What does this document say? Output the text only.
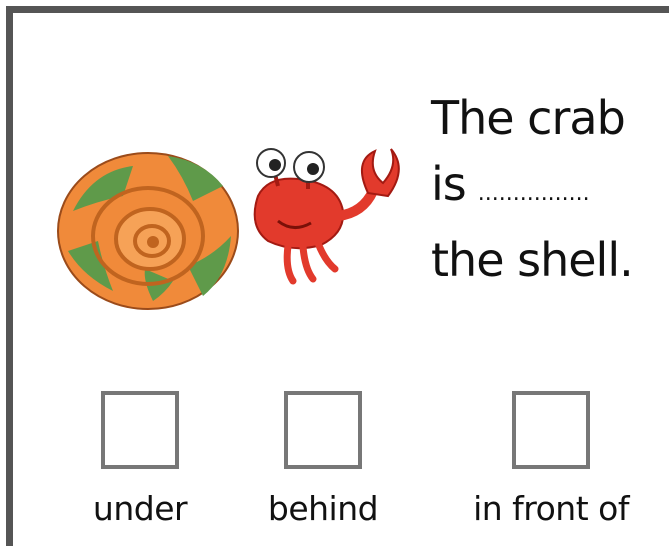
The crab
is ................
the shell.
under	behind	in front of
